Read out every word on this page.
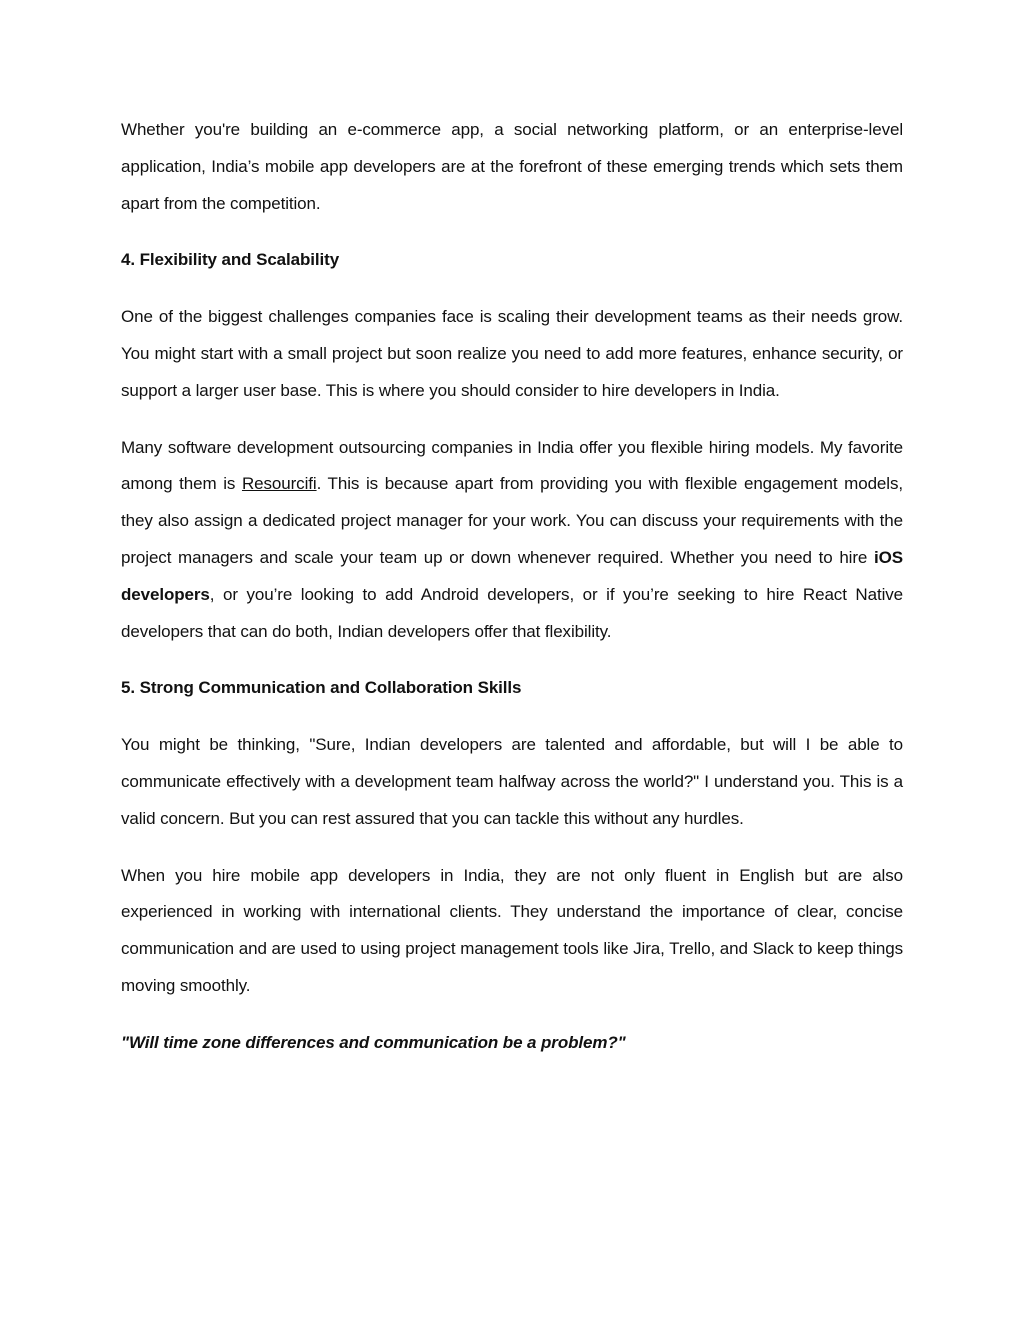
Whether you're building an e-commerce app, a social networking platform, or an enterprise-level application, India’s mobile app developers are at the forefront of these emerging trends which sets them apart from the competition.

4. Flexibility and Scalability

One of the biggest challenges companies face is scaling their development teams as their needs grow. You might start with a small project but soon realize you need to add more features, enhance security, or support a larger user base. This is where you should consider to hire developers in India.

Many software development outsourcing companies in India offer you flexible hiring models. My favorite among them is Resourcifi. This is because apart from providing you with flexible engagement models, they also assign a dedicated project manager for your work. You can discuss your requirements with the project managers and scale your team up or down whenever required. Whether you need to hire iOS developers, or you’re looking to add Android developers, or if you’re seeking to hire React Native developers that can do both, Indian developers offer that flexibility.

5. Strong Communication and Collaboration Skills

You might be thinking, "Sure, Indian developers are talented and affordable, but will I be able to communicate effectively with a development team halfway across the world?" I understand you. This is a valid concern. But you can rest assured that you can tackle this without any hurdles.

When you hire mobile app developers in India, they are not only fluent in English but are also experienced in working with international clients. They understand the importance of clear, concise communication and are used to using project management tools like Jira, Trello, and Slack to keep things moving smoothly.

"Will time zone differences and communication be a problem?"
